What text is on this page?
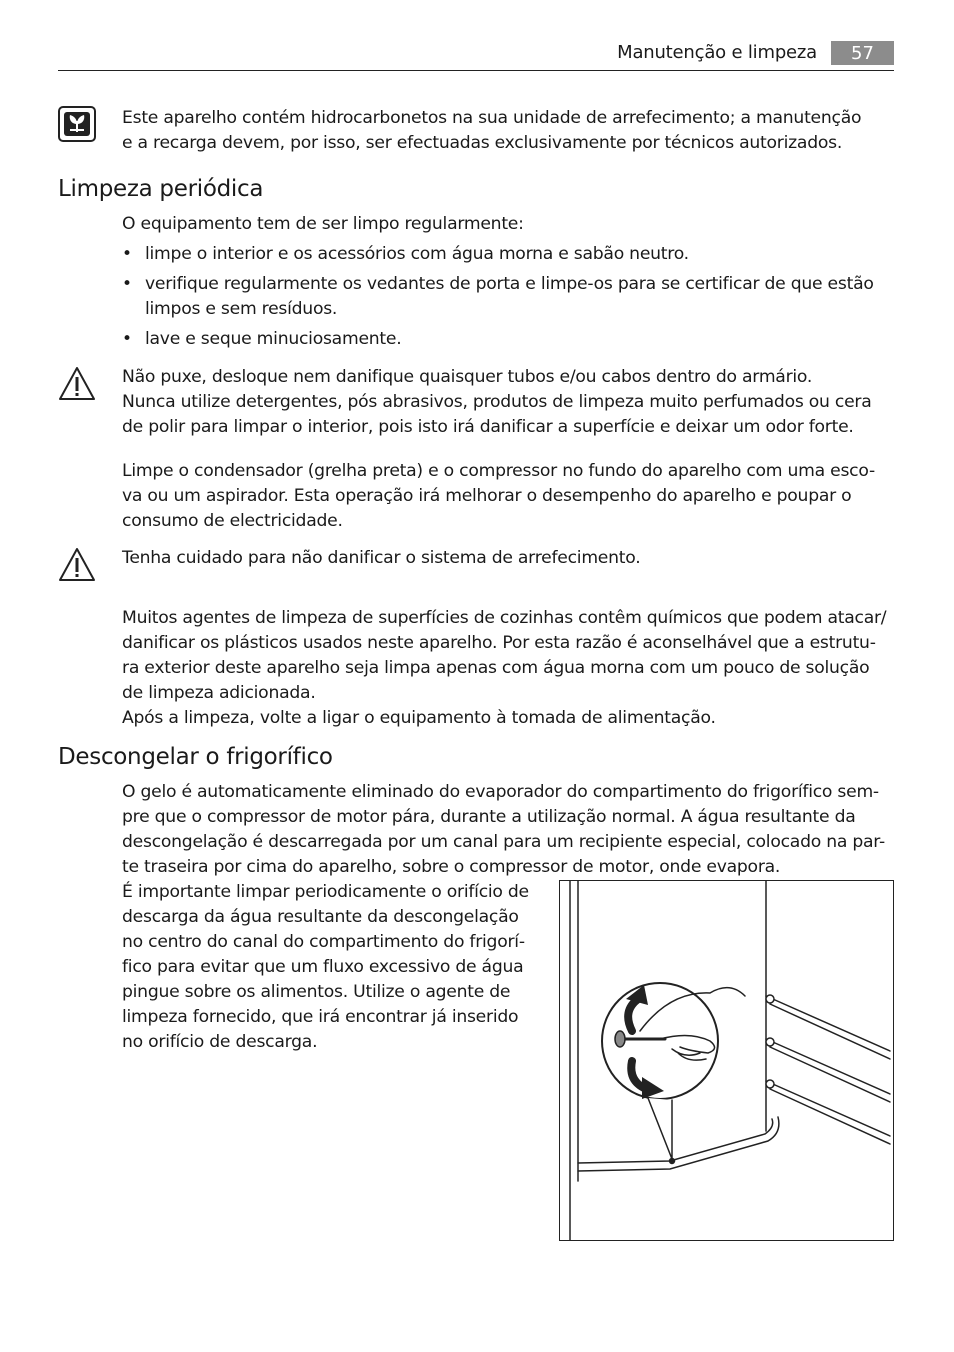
Manutenção e limpeza	57
Este aparelho contém hidrocarbonetos na sua unidade de arrefecimento; a manutenção
e a recarga devem, por isso, ser efectuadas exclusivamente por técnicos autorizados.
Limpeza periódica
O equipamento tem de ser limpo regularmente:
• limpe o interior e os acessórios com água morna e sabão neutro.
• verifique regularmente os vedantes de porta e limpe-os para se certificar de que estão
limpos e sem resíduos.
• lave e seque minuciosamente.
Não puxe, desloque nem danifique quaisquer tubos e/ou cabos dentro do armário.
Nunca utilize detergentes, pós abrasivos, produtos de limpeza muito perfumados ou cera
de polir para limpar o interior, pois isto irá danificar a superfície e deixar um odor forte.
Limpe o condensador (grelha preta) e o compressor no fundo do aparelho com uma esco-
va ou um aspirador. Esta operação irá melhorar o desempenho do aparelho e poupar o
consumo de electricidade.
Tenha cuidado para não danificar o sistema de arrefecimento.
Muitos agentes de limpeza de superfícies de cozinhas contêm químicos que podem atacar/
danificar os plásticos usados neste aparelho. Por esta razão é aconselhável que a estrutu-
ra exterior deste aparelho seja limpa apenas com água morna com um pouco de solução
de limpeza adicionada.
Após a limpeza, volte a ligar o equipamento à tomada de alimentação.
Descongelar o frigorífico
O gelo é automaticamente eliminado do evaporador do compartimento do frigorífico sem-
pre que o compressor de motor pára, durante a utilização normal. A água resultante da
descongelação é descarregada por um canal para um recipiente especial, colocado na par-
te traseira por cima do aparelho, sobre o compressor de motor, onde evapora.
É importante limpar periodicamente o orifício de
descarga da água resultante da descongelação
no centro do canal do compartimento do frigorí-
fico para evitar que um fluxo excessivo de água
pingue sobre os alimentos. Utilize o agente de
limpeza fornecido, que irá encontrar já inserido
no orifício de descarga.
